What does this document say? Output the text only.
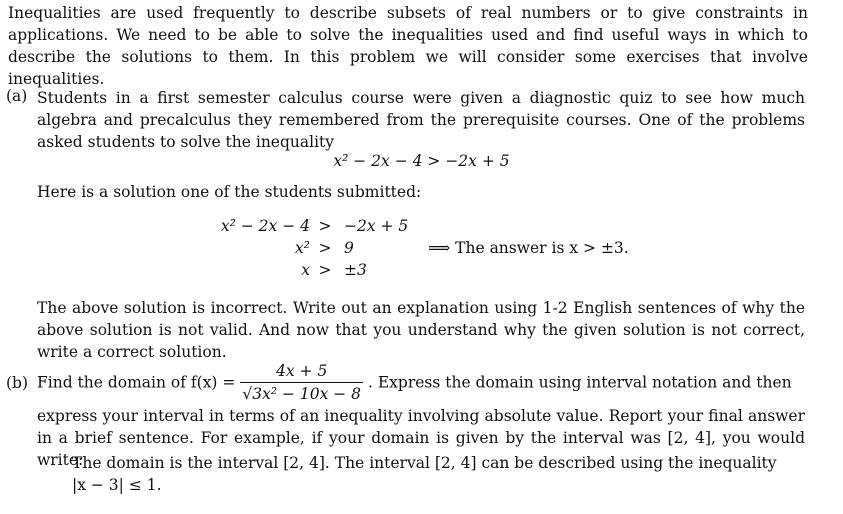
Inequalities are used frequently to describe subsets of real numbers or to give constraints in applications. We need to be able to solve the inequalities used and find useful ways in which to describe the solutions to them. In this problem we will consider some exercises that involve inequalities.
(a) Students in a first semester calculus course were given a diagnostic quiz to see how much algebra and precalculus they remembered from the prerequisite courses. One of the problems asked students to solve the inequality
x² − 2x − 4 > −2x + 5
Here is a solution one of the students submitted:
x² − 2x − 4 > −2x + 5
x² > 9
x > ±3
⟹ The answer is x > ±3.
The above solution is incorrect. Write out an explanation using 1-2 English sentences of why the above solution is not valid. And now that you understand why the given solution is not correct, write a correct solution.
(b) Find the domain of $f(x) = \frac{4x + 5}{\text{√3x² − 10x − 8}}$ . Express the domain using interval notation and then
express your interval in terms of an inequality involving absolute value. Report your final answer in a brief sentence. For example, if your domain is given by the interval was [2, 4], you would write:
The domain is the interval [2, 4]. The interval [2, 4] can be described using the inequality
|x − 3| ≤ 1.
